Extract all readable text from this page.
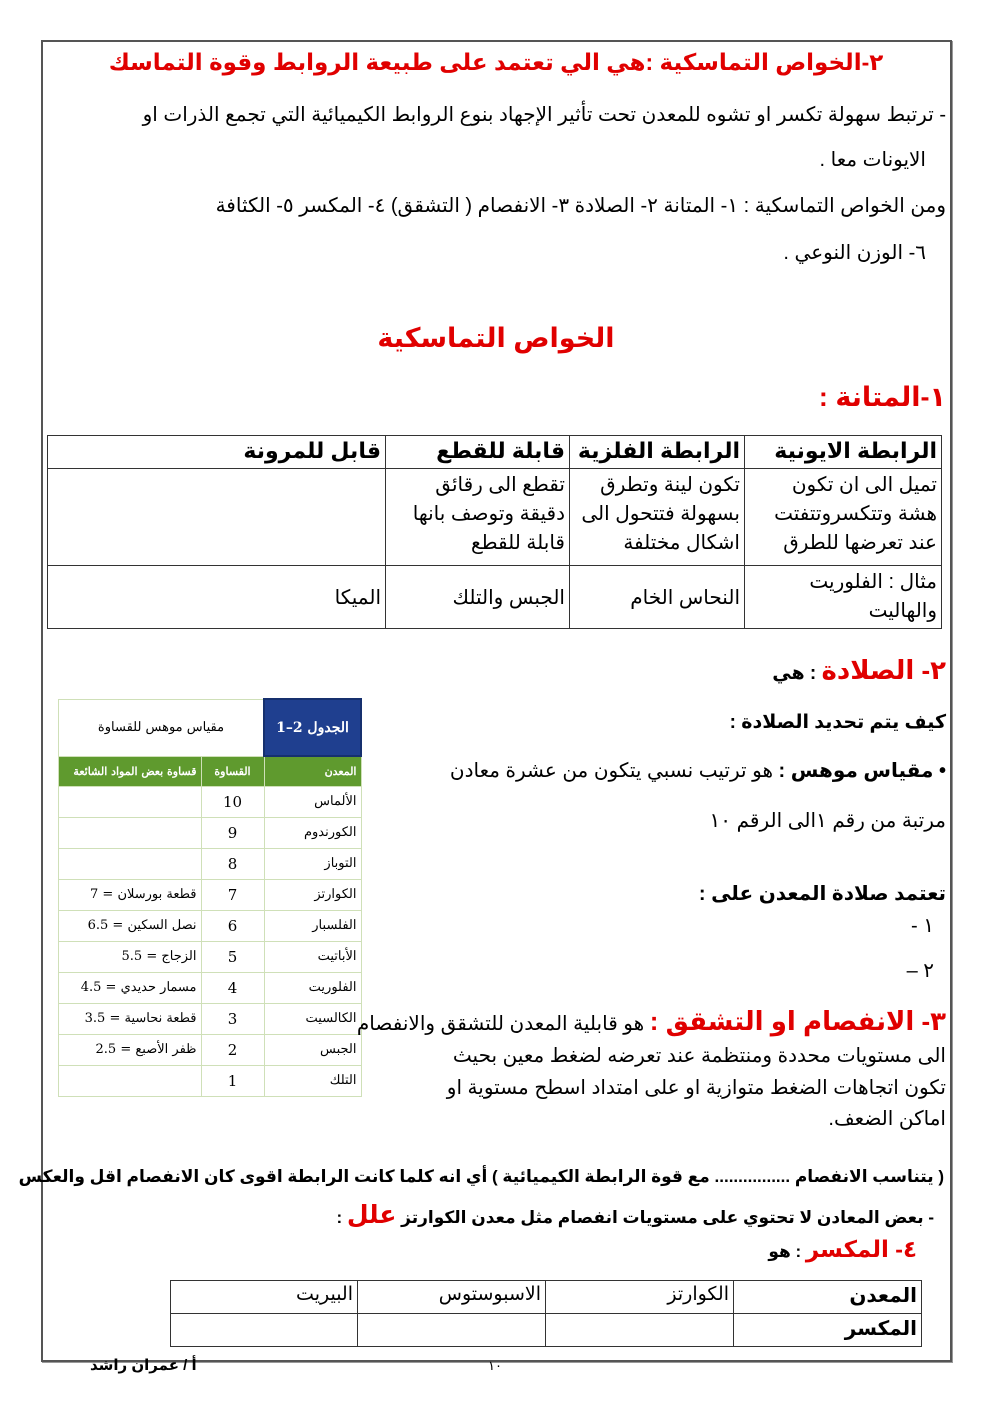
٢-الخواص التماسكية :هي الي تعتمد على طبيعة الروابط وقوة التماسك
- ترتبط سهولة تكسر او تشوه للمعدن تحت تأثير الإجهاد بنوع الروابط الكيميائية التي تجمع الذرات او
الايونات معا .
ومن الخواص التماسكية : ١- المتانة ٢- الصلادة ٣- الانفصام ( التشقق) ٤- المكسر ٥- الكثافة
٦- الوزن النوعي .
الخواص التماسكية
١-المتانة :
الرابطة الايونية	الرابطة الفلزية	قابلة للقطع	قابل للمرونة
تميل الى ان تكون هشة وتتكسروتتفتت عند تعرضها للطرق	تكون لينة وتطرق بسهولة فتتحول الى اشكال مختلفة	تقطع الى رقائق دقيقة وتوصف بانها قابلة للقطع	
مثال : الفلوريت والهاليت	النحاس الخام	الجبس والتلك	الميكا
٢- الصلادة : هي
كيف يتم تحديد الصلادة :
• مقياس موهس : هو ترتيب نسبي يتكون من عشرة معادن
مرتبة من رقم ١الى الرقم ١٠
تعتمد صلادة المعدن على :
١ -
٢ –
الجدول 2–1	مقياس موهس للقساوة	
المعدن	القساوة	قساوة بعض المواد الشائعة
الألماس	10	
الكورندوم	9	
التوباز	8	
الكوارتز	7	قطعة بورسلان = 7
الفلسبار	6	نصل السكين = 6.5
الأباتيت	5	الزجاج = 5.5
الفلوريت	4	مسمار حديدي = 4.5
الكالسيت	3	قطعة نحاسية = 3.5
الجبس	2	ظفر الأصبع = 2.5
التلك	1	
٣- الانفصام او التشقق : هو قابلية المعدن للتشقق والانفصام
الى مستويات محددة ومنتظمة عند تعرضه لضغط معين بحيث
تكون اتجاهات الضغط متوازية او على امتداد اسطح مستوية او
اماكن الضعف.
( يتناسب الانفصام ................ مع قوة الرابطة الكيميائية ) أي انه كلما كانت الرابطة اقوى كان الانفصام اقل والعكس
- بعض المعادن لا تحتوي على مستويات انفصام مثل معدن الكوارتز علل :
٤- المكسر : هو
المعدن	الكوارتز	الاسبوستوس	البيريت
المكسر			
١٠
أ / عمران راشد
